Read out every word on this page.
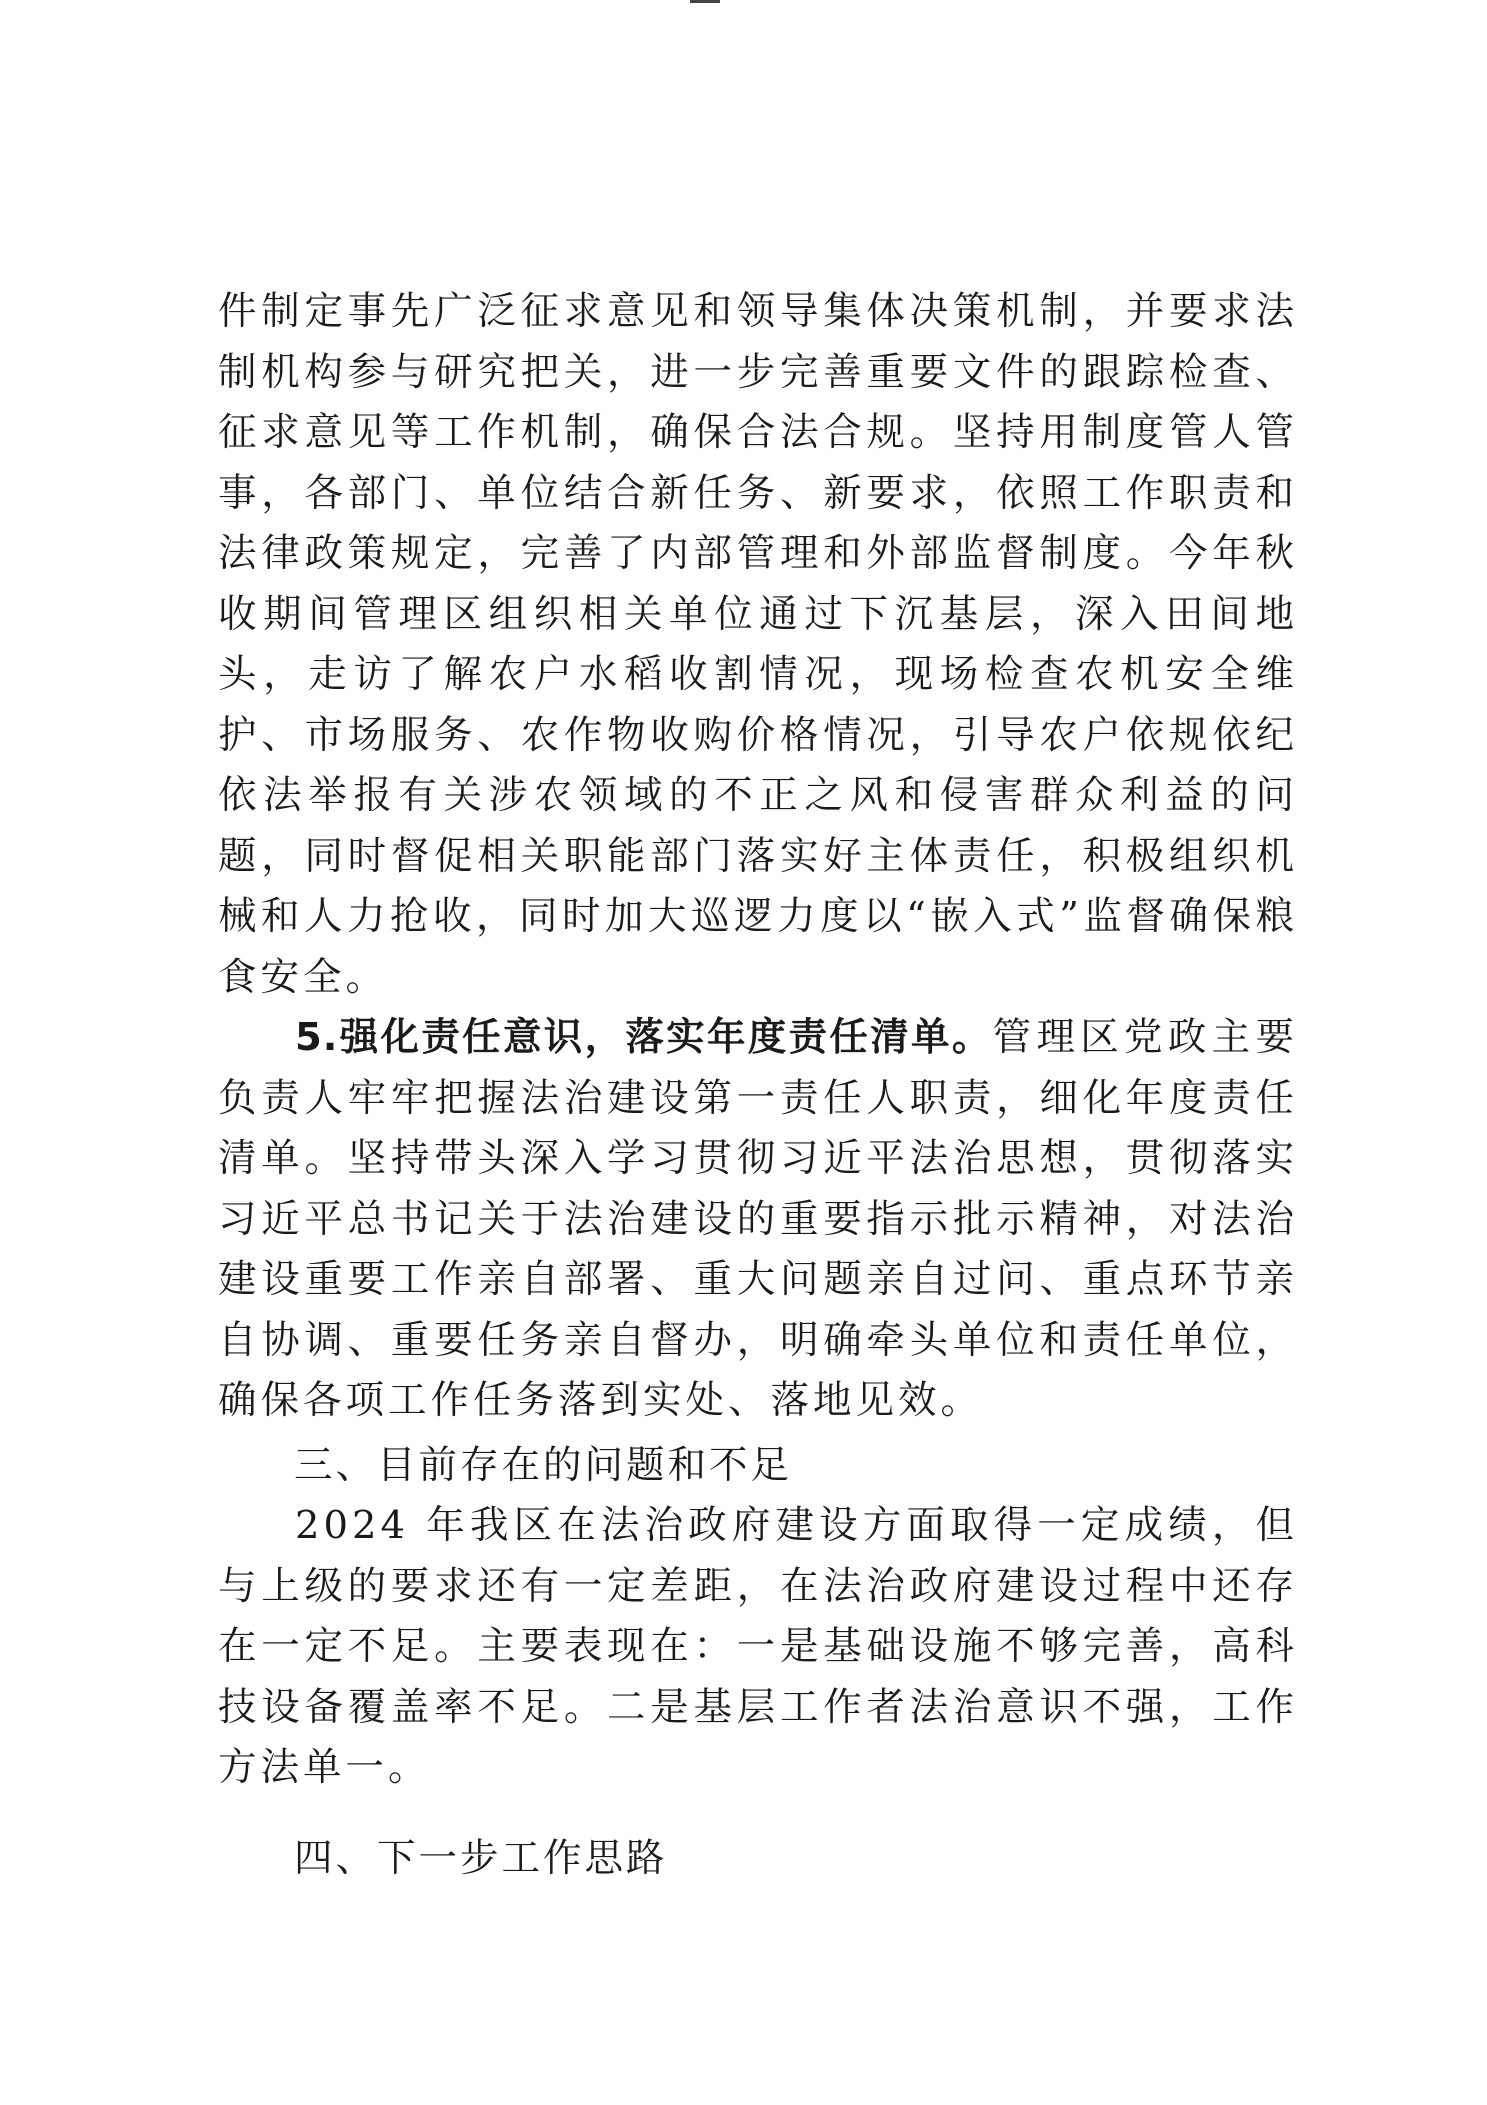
件制定事先广泛征求意见和领导集体决策机制，并要求法制机构参与研究把关，进一步完善重要文件的跟踪检查、征求意见等工作机制，确保合法合规。坚持用制度管人管事，各部门、单位结合新任务、新要求，依照工作职责和法律政策规定，完善了内部管理和外部监督制度。今年秋收期间管理区组织相关单位通过下沉基层，深入田间地头，走访了解农户水稻收割情况，现场检查农机安全维护、市场服务、农作物收购价格情况，引导农户依规依纪依法举报有关涉农领域的不正之风和侵害群众利益的问题，同时督促相关职能部门落实好主体责任，积极组织机械和人力抢收，同时加大巡逻力度以“嵌入式”监督确保粮食安全。

5.强化责任意识，落实年度责任清单。管理区党政主要负责人牢牢把握法治建设第一责任人职责，细化年度责任清单。坚持带头深入学习贯彻习近平法治思想，贯彻落实习近平总书记关于法治建设的重要指示批示精神，对法治建设重要工作亲自部署、重大问题亲自过问、重点环节亲自协调、重要任务亲自督办，明确牵头单位和责任单位，确保各项工作任务落到实处、落地见效。

三、目前存在的问题和不足

2024 年我区在法治政府建设方面取得一定成绩，但与上级的要求还有一定差距，在法治政府建设过程中还存在一定不足。主要表现在：一是基础设施不够完善，高科技设备覆盖率不足。二是基层工作者法治意识不强，工作方法单一。

四、下一步工作思路
